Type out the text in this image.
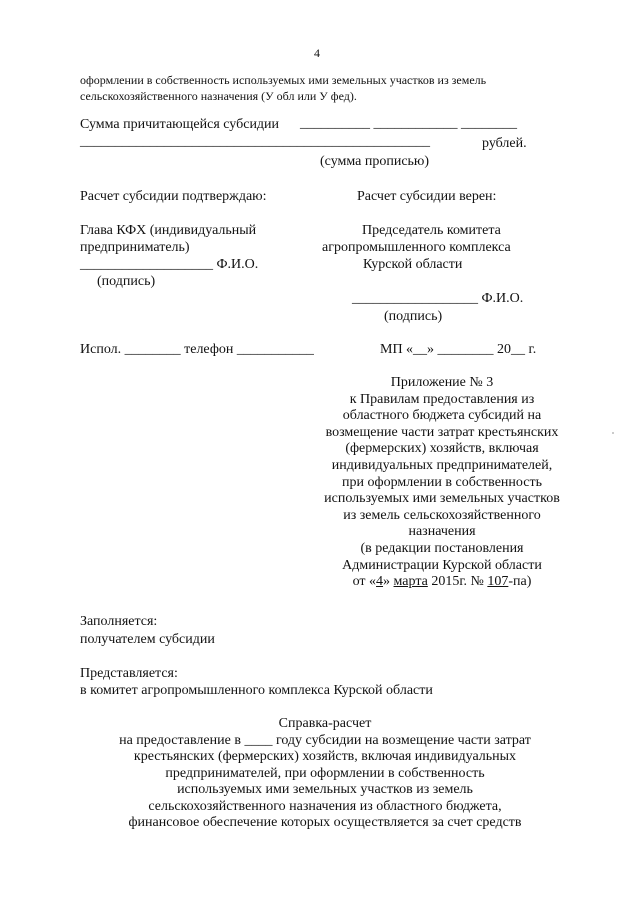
4
оформлении в собственность используемых ими земельных участков из земель
сельскохозяйственного назначения (У обл или У фед).
Сумма причитающейся субсидии __________ ____________ ________
__________________________________________________	рублей.
(сумма прописью)
Расчет субсидии подтверждаю:	Расчет субсидии верен:
Глава КФХ (индивидуальный
предприниматель)
___________________ Ф.И.О.
(подпись)
Председатель комитета
агропромышленного комплекса
Курской области
__________________ Ф.И.О.
(подпись)
Испол. ________ телефон ___________	МП «__» ________ 20__ г.
Приложение № 3
к Правилам предоставления из
областного бюджета субсидий на
возмещение части затрат крестьянских
(фермерских) хозяйств, включая
индивидуальных предпринимателей,
при оформлении в собственность
используемых ими земельных участков
из земель сельскохозяйственного
назначения
(в редакции постановления
Администрации Курской области
от «4» марта 2015г. № 107-па)
Заполняется:
получателем субсидии
Представляется:
в комитет агропромышленного комплекса Курской области
Справка-расчет
на предоставление в ____ году субсидии на возмещение части затрат
крестьянских (фермерских) хозяйств, включая индивидуальных
предпринимателей, при оформлении в собственность
используемых ими земельных участков из земель
сельскохозяйственного назначения из областного бюджета,
финансовое обеспечение которых осуществляется за счет средств
